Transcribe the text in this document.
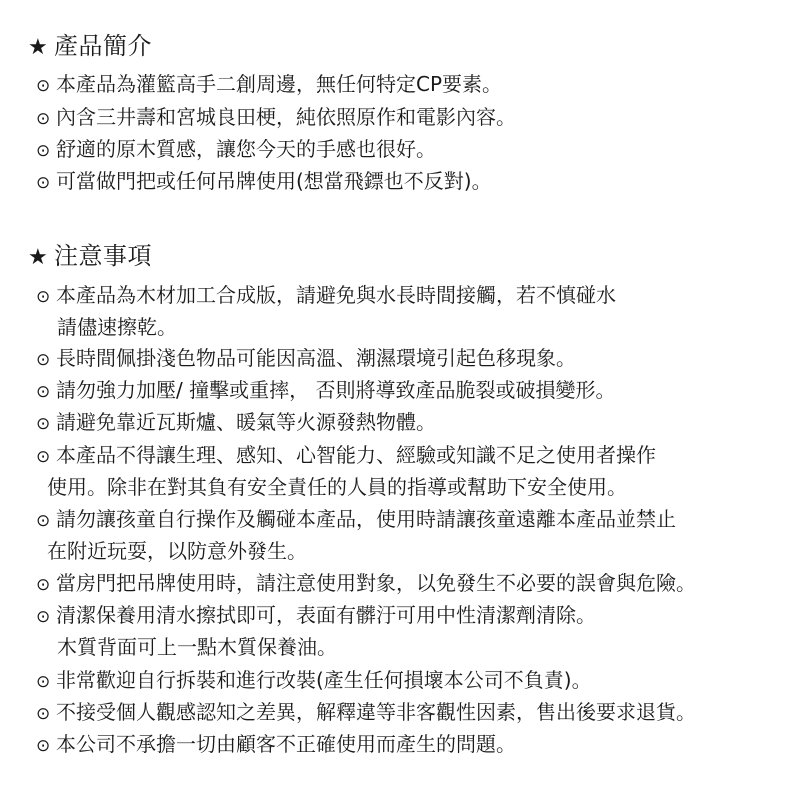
★ 產品簡介
⊙ 本產品為灌籃高手二創周邊，無任何特定CP要素。
⊙ 內含三井壽和宮城良田梗，純依照原作和電影內容。
⊙ 舒適的原木質感，讓您今天的手感也很好。
⊙ 可當做門把或任何吊牌使用(想當飛鏢也不反對)。
★ 注意事項
⊙ 本產品為木材加工合成版，請避免與水長時間接觸，若不慎碰水
請儘速擦乾。
⊙ 長時間佩掛淺色物品可能因高溫、潮濕環境引起色移現象。
⊙ 請勿強力加壓/ 撞擊或重摔， 否則將導致產品脆裂或破損變形。
⊙ 請避免靠近瓦斯爐、暖氣等火源發熱物體。
⊙ 本產品不得讓生理、感知、心智能力、經驗或知識不足之使用者操作
使用。除非在對其負有安全責任的人員的指導或幫助下安全使用。
⊙ 請勿讓孩童自行操作及觸碰本產品，使用時請讓孩童遠離本產品並禁止
在附近玩耍，以防意外發生。
⊙ 當房門把吊牌使用時，請注意使用對象，以免發生不必要的誤會與危險。
⊙ 清潔保養用清水擦拭即可，表面有髒汙可用中性清潔劑清除。
木質背面可上一點木質保養油。
⊙ 非常歡迎自行拆裝和進行改裝(產生任何損壞本公司不負責)。
⊙ 不接受個人觀感認知之差異，解釋違等非客觀性因素，售出後要求退貨。
⊙ 本公司不承擔一切由顧客不正確使用而產生的問題。
